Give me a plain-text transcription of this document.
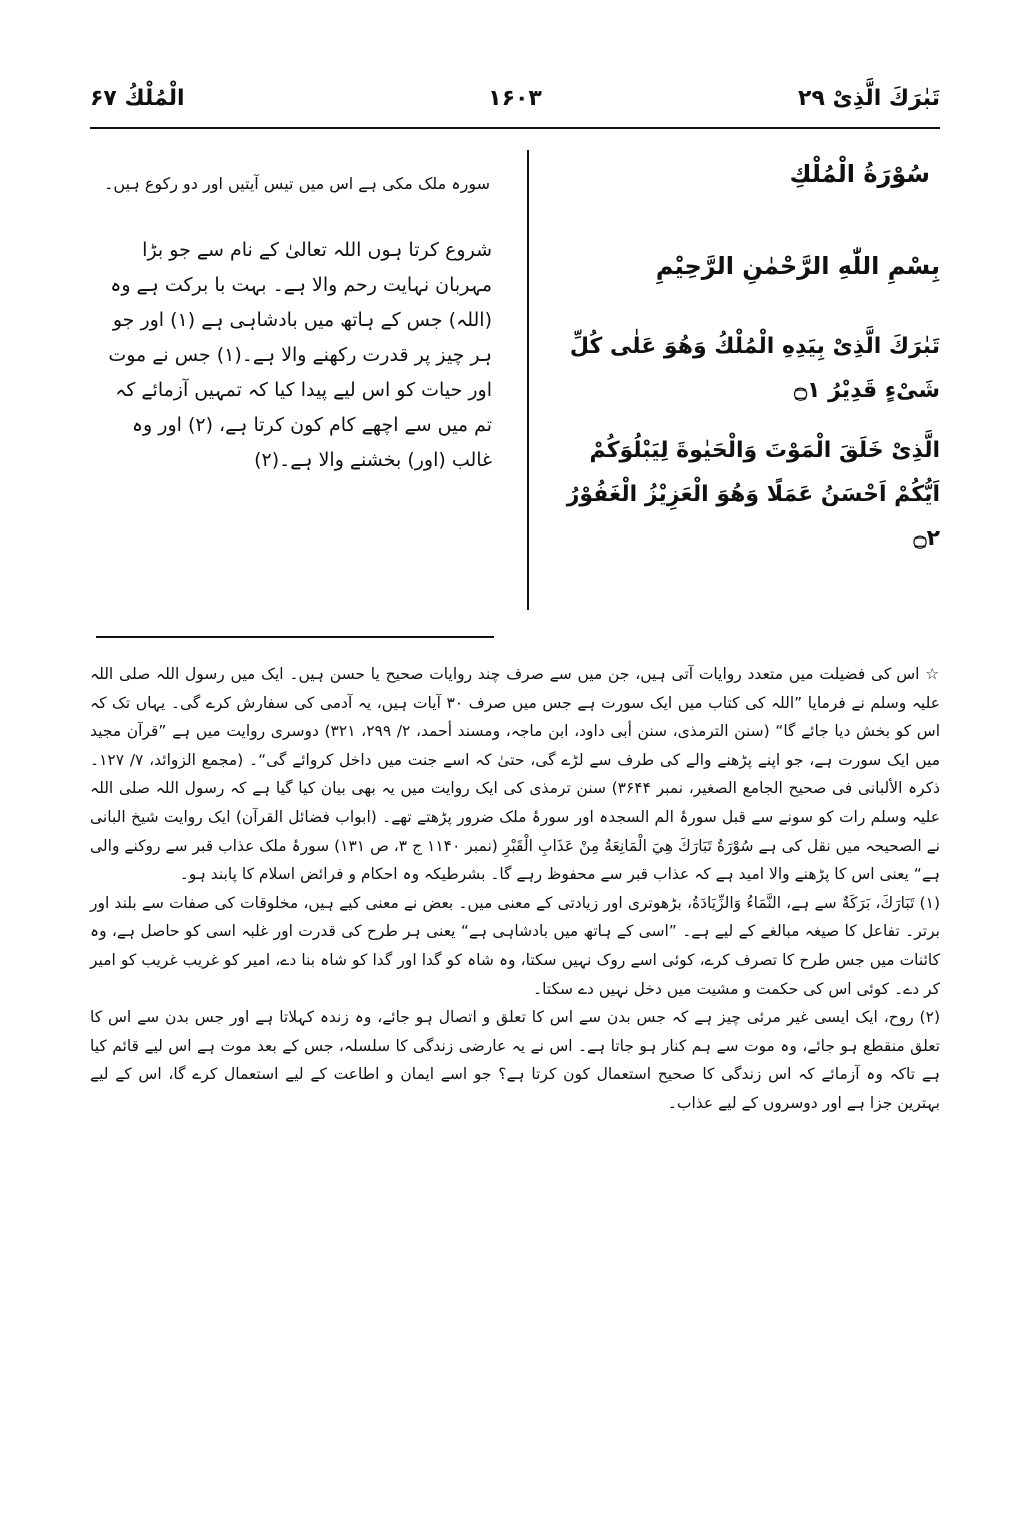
تَبٰرَكَ الَّذِیْ ۲۹
۱۶۰۳
الْمُلْكُ ۶۷

سُوْرَةُ الْمُلْكِ

بِسْمِ اللّٰهِ الرَّحْمٰنِ الرَّحِیْمِ

تَبٰرَكَ الَّذِیْ بِیَدِهِ الْمُلْكُ وَهُوَ عَلٰی كُلِّ شَیْءٍ قَدِیْرُ ۝۱

الَّذِیْ خَلَقَ الْمَوْتَ وَالْحَیٰوةَ لِیَبْلُوَكُمْ اَیُّكُمْ اَحْسَنُ عَمَلًا وَهُوَ الْعَزِیْزُ الْغَفُوْرُ ۝۲

سورہ ملک مکی ہے اس میں تیس آیتیں اور دو رکوع ہیں۔

شروع کرتا ہوں اللہ تعالیٰ کے نام سے جو بڑا مہربان نہایت رحم والا ہے۔ بہت با برکت ہے وہ (اللہ) جس کے ہاتھ میں بادشاہی ہے (۱) اور جو ہر چیز پر قدرت رکھنے والا ہے۔(۱) جس نے موت اور حیات کو اس لیے پیدا کیا کہ تمہیں آزمائے کہ تم میں سے اچھے کام کون کرتا ہے، (۲) اور وہ غالب (اور) بخشنے والا ہے۔(۲)

☆ اس کی فضیلت میں متعدد روایات آتی ہیں، جن میں سے صرف چند روایات صحیح یا حسن ہیں۔ ایک میں رسول اللہ صلی اللہ علیہ وسلم نے فرمایا ”اللہ کی کتاب میں ایک سورت ہے جس میں صرف ۳۰ آیات ہیں، یہ آدمی کی سفارش کرے گی۔ یہاں تک کہ اس کو بخش دیا جائے گا“ (سنن الترمذی، سنن أبی داود، ابن ماجہ، ومسند أحمد، ۲/ ۲۹۹، ۳۲۱) دوسری روایت میں ہے ”قرآن مجید میں ایک سورت ہے، جو اپنے پڑھنے والے کی طرف سے لڑے گی، حتیٰ کہ اسے جنت میں داخل کروائے گی“۔ (مجمع الزوائد، ۷/ ۱۲۷۔ ذکرہ الألبانی فی صحیح الجامع الصغیر، نمبر ۳۶۴۴) سنن ترمذی کی ایک روایت میں یہ بھی بیان کیا گیا ہے کہ رسول اللہ صلی اللہ علیہ وسلم رات کو سونے سے قبل سورۂ الم السجدہ اور سورۂ ملک ضرور پڑھتے تھے۔ (ابواب فضائل القرآن) ایک روایت شیخ البانی نے الصحیحہ میں نقل کی ہے سُوْرَةُ تَبَارَكَ هِيَ الْمَانِعَةُ مِنْ عَذَابِ الْقَبْرِ (نمبر ۱۱۴۰ ج ۳، ص ۱۳۱) سورۂ ملک عذاب قبر سے روکنے والی ہے“ یعنی اس کا پڑھنے والا امید ہے کہ عذاب قبر سے محفوظ رہے گا۔ بشرطیکہ وہ احکام و فرائض اسلام کا پابند ہو۔

(۱) تَبَارَكَ، بَرَكَةٌ سے ہے، النَّمَاءُ وَالزِّيَادَةُ، بڑھوتری اور زیادتی کے معنی میں۔ بعض نے معنی کیے ہیں، مخلوقات کی صفات سے بلند اور برتر۔ تفاعل کا صیغہ مبالغے کے لیے ہے۔ ”اسی کے ہاتھ میں بادشاہی ہے“ یعنی ہر طرح کی قدرت اور غلبہ اسی کو حاصل ہے، وہ کائنات میں جس طرح کا تصرف کرے، کوئی اسے روک نہیں سکتا، وہ شاہ کو گدا اور گدا کو شاہ بنا دے، امیر کو غریب غریب کو امیر کر دے۔ کوئی اس کی حکمت و مشیت میں دخل نہیں دے سکتا۔

(۲) روح، ایک ایسی غیر مرئی چیز ہے کہ جس بدن سے اس کا تعلق و اتصال ہو جائے، وہ زندہ کہلاتا ہے اور جس بدن سے اس کا تعلق منقطع ہو جائے، وہ موت سے ہم کنار ہو جاتا ہے۔ اس نے یہ عارضی زندگی کا سلسلہ، جس کے بعد موت ہے اس لیے قائم کیا ہے تاکہ وہ آزمائے کہ اس زندگی کا صحیح استعمال کون کرتا ہے؟ جو اسے ایمان و اطاعت کے لیے استعمال کرے گا، اس کے لیے بہترین جزا ہے اور دوسروں کے لیے عذاب۔
